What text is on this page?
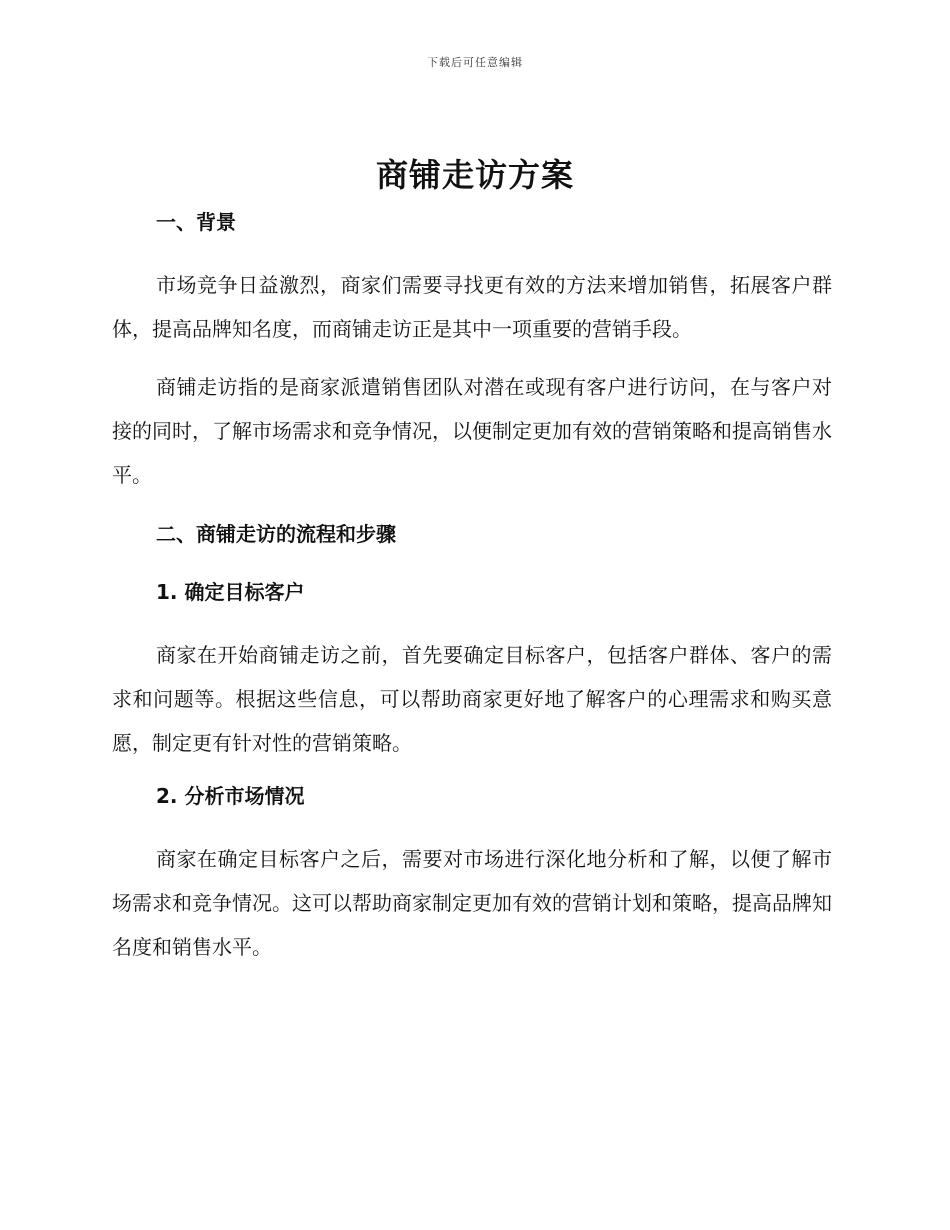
下载后可任意编辑
商铺走访方案
一、背景

市场竞争日益激烈，商家们需要寻找更有效的方法来增加销售，拓展客户群体，提高品牌知名度，而商铺走访正是其中一项重要的营销手段。

商铺走访指的是商家派遣销售团队对潜在或现有客户进行访问，在与客户对接的同时，了解市场需求和竞争情况，以便制定更加有效的营销策略和提高销售水平。

二、商铺走访的流程和步骤
1. 确定目标客户

商家在开始商铺走访之前，首先要确定目标客户，包括客户群体、客户的需求和问题等。根据这些信息，可以帮助商家更好地了解客户的心理需求和购买意愿，制定更有针对性的营销策略。

2. 分析市场情况

商家在确定目标客户之后，需要对市场进行深化地分析和了解，以便了解市场需求和竞争情况。这可以帮助商家制定更加有效的营销计划和策略，提高品牌知名度和销售水平。
